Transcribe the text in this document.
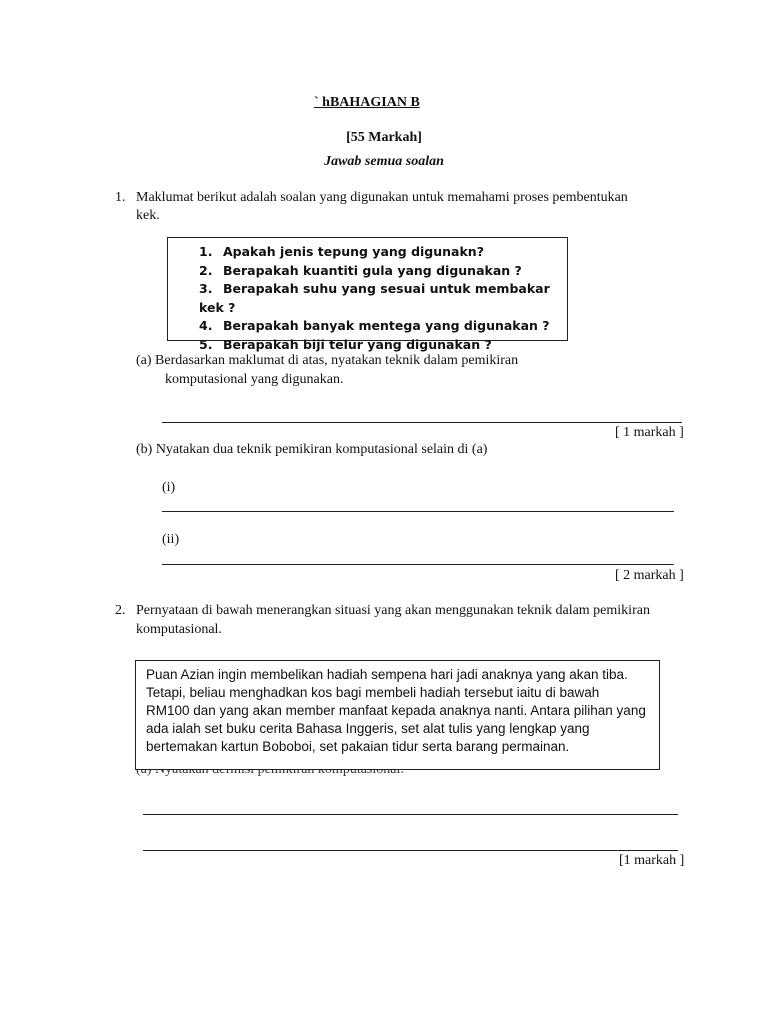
` hBAHAGIAN B
[55 Markah]
Jawab semua soalan
1. Maklumat berikut adalah soalan yang digunakan untuk memahami proses pembentukan
kek.
1. Apakah jenis tepung yang digunakn?
2. Berapakah kuantiti gula yang digunakan ?
3. Berapakah suhu yang sesuai untuk membakar kek ?
4. Berapakah banyak mentega yang digunakan ?
5. Berapakah biji telur yang digunakan ?
(a) Berdasarkan maklumat di atas, nyatakan teknik dalam pemikiran
komputasional yang digunakan.
[ 1 markah ]
(b) Nyatakan dua teknik pemikiran komputasional selain di (a)
(i)
(ii)
[ 2 markah ]
2. Pernyataan di bawah menerangkan situasi yang akan menggunakan teknik dalam pemikiran
komputasional.

Puan Azian ingin membelikan hadiah sempena hari jadi anaknya yang akan tiba.

Tetapi, beliau menghadkan kos bagi membeli hadiah tersebut iaitu di bawah

RM100 dan yang akan member manfaat kepada anaknya nanti. Antara pilihan yang

ada ialah set buku cerita Bahasa Inggeris, set alat tulis yang lengkap yang

bertemakan kartun Boboboi, set pakaian tidur serta barang permainan.

[1 markah ]
